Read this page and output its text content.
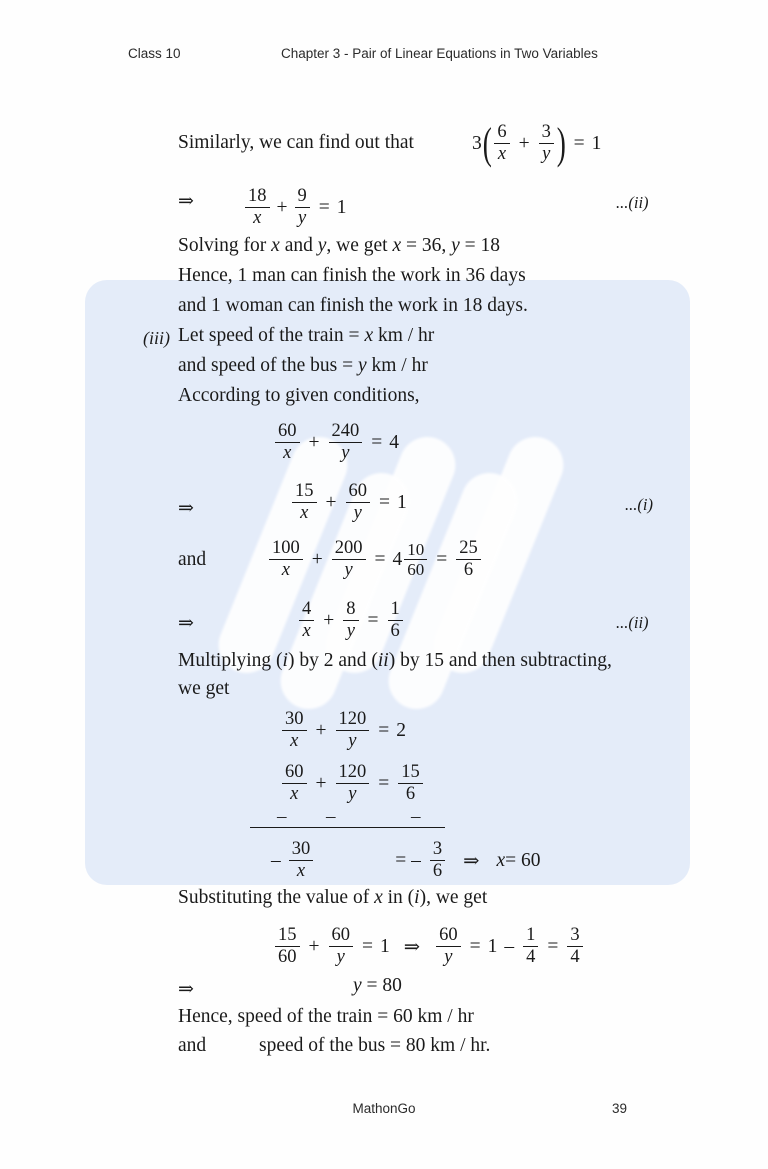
Class 10	Chapter 3 - Pair of Linear Equations in Two Variables
Similarly, we can find out that	3 ( $\frac{6}{x} + \frac{3}{y}$ ) = 1
⇒	$\frac{18}{x} + \frac{9}{y} = 1$	...(ii)
Solving for x and y, we get x = 36, y = 18
Hence, 1 man can finish the work in 36 days
and 1 woman can finish the work in 18 days.
(iii) Let speed of the train = x km / hr
and speed of the bus = y km / hr
According to given conditions,
$\frac{60}{x} + \frac{240}{y} = 4$
⇒	$\frac{15}{x} + \frac{60}{y} = 1$	...(i)
and	$\frac{100}{x} + \frac{200}{y} = 4 \frac{10}{60} = \frac{25}{6}$
⇒	$\frac{4}{x} + \frac{8}{y} = \frac{1}{6}$	...(ii)
Multiplying (i) by 2 and (ii) by 15 and then subtracting,
we get
$\frac{30}{x} + \frac{120}{y} = 2$
$\frac{60}{x} + \frac{120}{y} = \frac{15}{6}$
– –	–
– $\frac{30}{x}$	= – $\frac{3}{6}$ ⇒ x = 60
Substituting the value of x in (i), we get
$\frac{15}{60} + \frac{60}{y} = 1$ ⇒ $\frac{60}{y} = 1 - \frac{1}{4} = \frac{3}{4}$
⇒	y = 80
Hence, speed of the train = 60 km / hr
and	speed of the bus = 80 km / hr.
MathonGo	39
